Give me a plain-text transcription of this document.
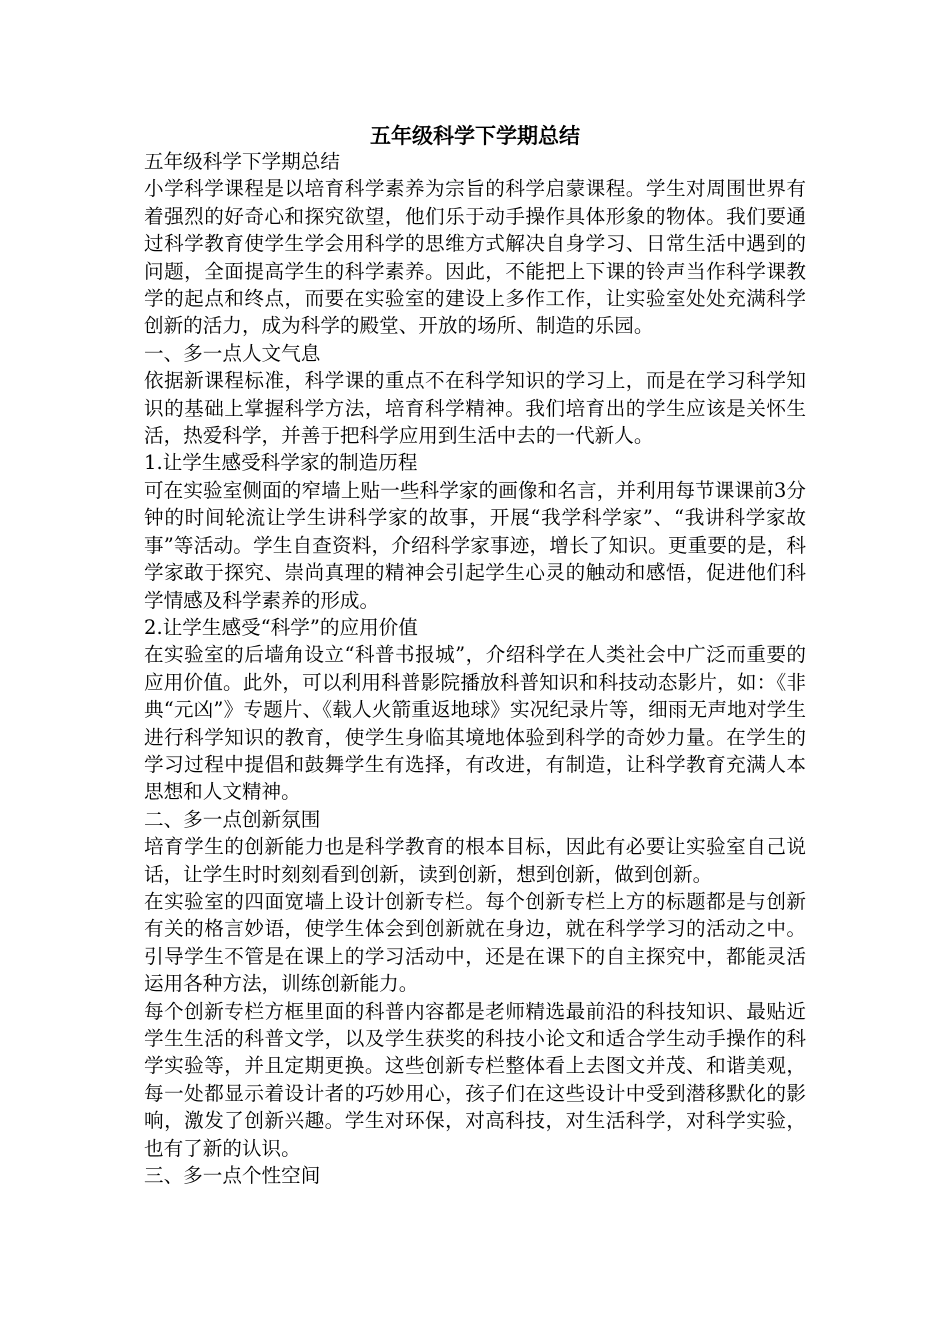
五年级科学下学期总结

五年级科学下学期总结

小学科学课程是以培育科学素养为宗旨的科学启蒙课程。学生对周围世界有着强烈的好奇心和探究欲望，他们乐于动手操作具体形象的物体。我们要通过科学教育使学生学会用科学的思维方式解决自身学习、日常生活中遇到的问题，全面提高学生的科学素养。因此，不能把上下课的铃声当作科学课教学的起点和终点，而要在实验室的建设上多作工作，让实验室处处充满科学创新的活力，成为科学的殿堂、开放的场所、制造的乐园。

一、多一点人文气息

依据新课程标准，科学课的重点不在科学知识的学习上，而是在学习科学知识的基础上掌握科学方法，培育科学精神。我们培育出的学生应该是关怀生活，热爱科学，并善于把科学应用到生活中去的一代新人。

1.让学生感受科学家的制造历程

可在实验室侧面的窄墙上贴一些科学家的画像和名言，并利用每节课课前3分钟的时间轮流让学生讲科学家的故事，开展“我学科学家”、“我讲科学家故事”等活动。学生自查资料，介绍科学家事迹，增长了知识。更重要的是，科学家敢于探究、崇尚真理的精神会引起学生心灵的触动和感悟，促进他们科学情感及科学素养的形成。

2.让学生感受“科学”的应用价值

在实验室的后墙角设立“科普书报城”，介绍科学在人类社会中广泛而重要的应用价值。此外，可以利用科普影院播放科普知识和科技动态影片，如：《非典“元凶”》专题片、《载人火箭重返地球》实况纪录片等，细雨无声地对学生进行科学知识的教育，使学生身临其境地体验到科学的奇妙力量。在学生的学习过程中提倡和鼓舞学生有选择，有改进，有制造，让科学教育充满人本思想和人文精神。

二、多一点创新氛围

培育学生的创新能力也是科学教育的根本目标，因此有必要让实验室自己说话，让学生时时刻刻看到创新，读到创新，想到创新，做到创新。

在实验室的四面宽墙上设计创新专栏。每个创新专栏上方的标题都是与创新有关的格言妙语，使学生体会到创新就在身边，就在科学学习的活动之中。引导学生不管是在课上的学习活动中，还是在课下的自主探究中，都能灵活运用各种方法，训练创新能力。

每个创新专栏方框里面的科普内容都是老师精选最前沿的科技知识、最贴近学生生活的科普文学，以及学生获奖的科技小论文和适合学生动手操作的科学实验等，并且定期更换。这些创新专栏整体看上去图文并茂、和谐美观，每一处都显示着设计者的巧妙用心，孩子们在这些设计中受到潜移默化的影响，激发了创新兴趣。学生对环保，对高科技，对生活科学，对科学实验，也有了新的认识。

三、多一点个性空间
